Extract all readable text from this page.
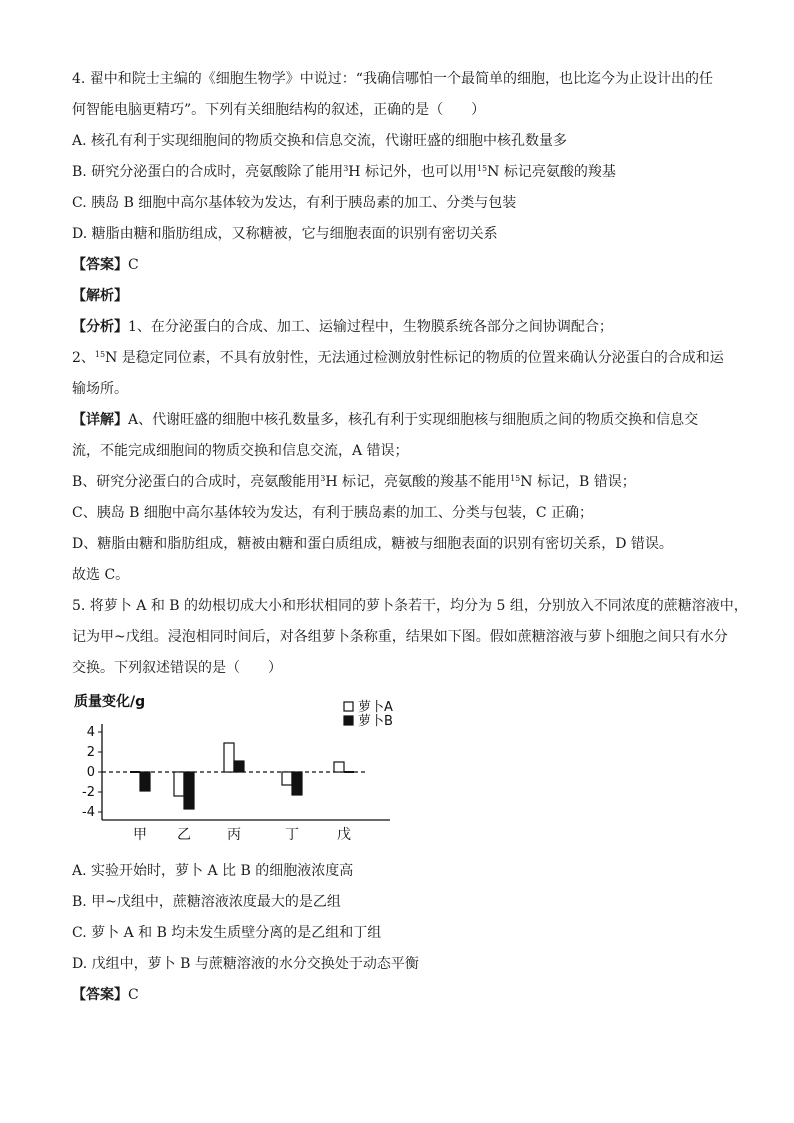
4. 翟中和院士主编的《细胞生物学》中说过：“我确信哪怕一个最简单的细胞，也比迄今为止设计出的任
何智能电脑更精巧”。下列有关细胞结构的叙述，正确的是（　　）
A. 核孔有利于实现细胞间的物质交换和信息交流，代谢旺盛的细胞中核孔数量多
B. 研究分泌蛋白的合成时，亮氨酸除了能用$^3$H 标记外，也可以用$^{15}$N 标记亮氨酸的羧基
C. 胰岛 B 细胞中高尔基体较为发达，有利于胰岛素的加工、分类与包装
D. 糖脂由糖和脂肪组成，又称糖被，它与细胞表面的识别有密切关系
【答案】C
【解析】
【分析】1、在分泌蛋白的合成、加工、运输过程中，生物膜系统各部分之间协调配合；
2、$^{15}$N 是稳定同位素，不具有放射性，无法通过检测放射性标记的物质的位置来确认分泌蛋白的合成和运
输场所。
【详解】A、代谢旺盛的细胞中核孔数量多，核孔有利于实现细胞核与细胞质之间的物质交换和信息交
流，不能完成细胞间的物质交换和信息交流，A 错误；
B、研究分泌蛋白的合成时，亮氨酸能用$^3$H 标记，亮氨酸的羧基不能用$^{15}$N 标记，B 错误；
C、胰岛 B 细胞中高尔基体较为发达，有利于胰岛素的加工、分类与包装，C 正确；
D、糖脂由糖和脂肪组成，糖被由糖和蛋白质组成，糖被与细胞表面的识别有密切关系，D 错误。
故选 C。
5. 将萝卜 A 和 B 的幼根切成大小和形状相同的萝卜条若干，均分为 5 组，分别放入不同浓度的蔗糖溶液中，
记为甲~戊组。浸泡相同时间后，对各组萝卜条称重，结果如下图。假如蔗糖溶液与萝卜细胞之间只有水分
交换。下列叙述错误的是（　　）
质量变化/g
4
2
0
-2
-4
甲 乙	丙	丁	戊
萝卜A
萝卜B
A. 实验开始时，萝卜 A 比 B 的细胞液浓度高
B. 甲~戊组中，蔗糖溶液浓度最大的是乙组
C. 萝卜 A 和 B 均未发生质壁分离的是乙组和丁组
D. 戊组中，萝卜 B 与蔗糖溶液的水分交换处于动态平衡
【答案】C
